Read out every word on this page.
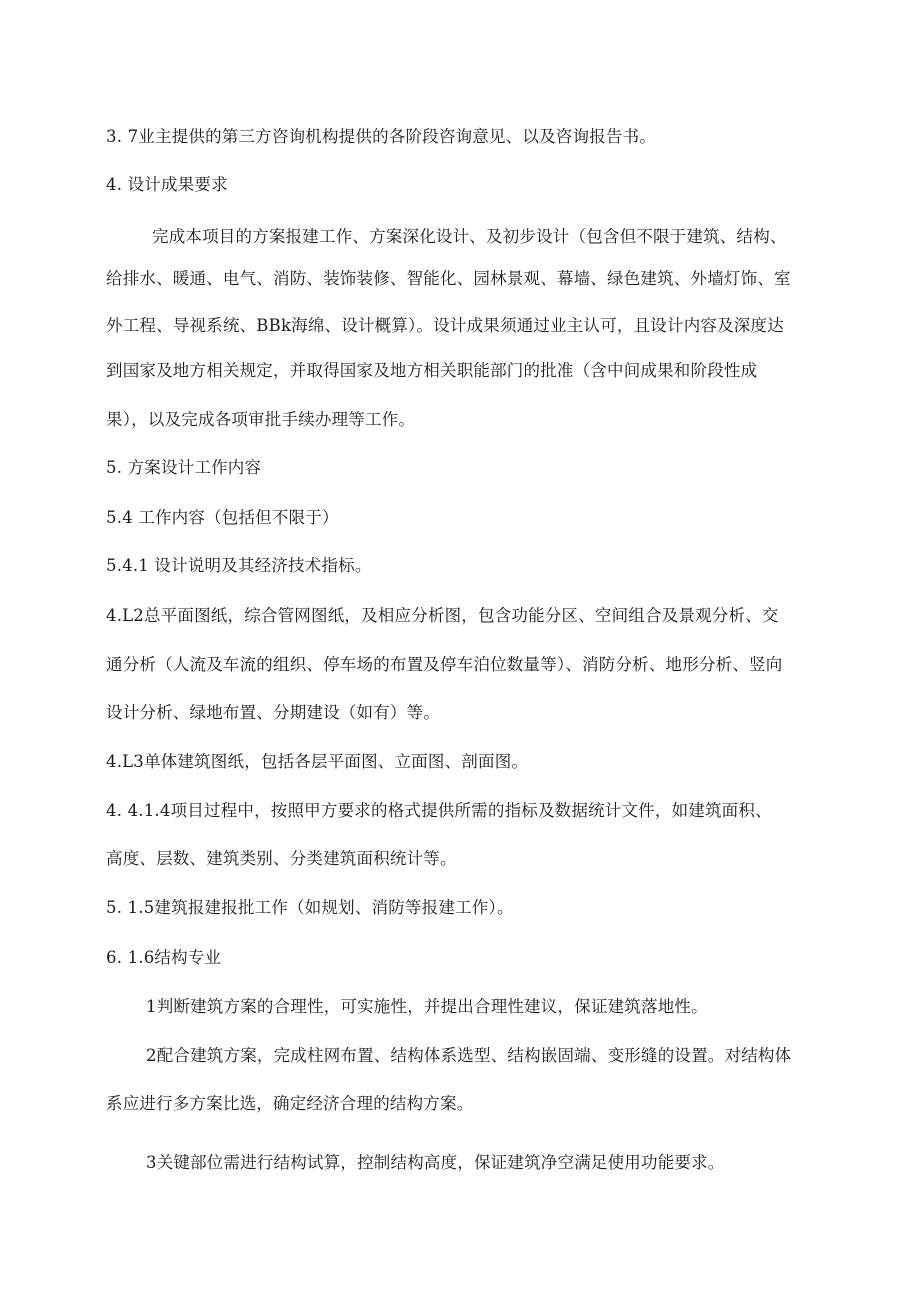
3. 7业主提供的第三方咨询机构提供的各阶段咨询意见、以及咨询报告书。
4. 设计成果要求
完成本项目的方案报建工作、方案深化设计、及初步设计（包含但不限于建筑、结构、
给排水、暖通、电气、消防、装饰装修、智能化、园林景观、幕墙、绿色建筑、外墙灯饰、室
外工程、导视系统、BBk海绵、设计概算）。设计成果须通过业主认可，且设计内容及深度达
到国家及地方相关规定，并取得国家及地方相关职能部门的批准（含中间成果和阶段性成
果），以及完成各项审批手续办理等工作。
5. 方案设计工作内容
5.4 工作内容（包括但不限于）
5.4.1 设计说明及其经济技术指标。
4.L2总平面图纸，综合管网图纸，及相应分析图，包含功能分区、空间组合及景观分析、交
通分析（人流及车流的组织、停车场的布置及停车泊位数量等）、消防分析、地形分析、竖向
设计分析、绿地布置、分期建设（如有）等。
4.L3单体建筑图纸，包括各层平面图、立面图、剖面图。
4. 4.1.4项目过程中，按照甲方要求的格式提供所需的指标及数据统计文件，如建筑面积、
高度、层数、建筑类别、分类建筑面积统计等。
5. 1.5建筑报建报批工作（如规划、消防等报建工作）。
6. 1.6结构专业
1判断建筑方案的合理性，可实施性，并提出合理性建议，保证建筑落地性。
2配合建筑方案，完成柱网布置、结构体系选型、结构嵌固端、变形缝的设置。对结构体
系应进行多方案比选，确定经济合理的结构方案。
3关键部位需进行结构试算，控制结构高度，保证建筑净空满足使用功能要求。
